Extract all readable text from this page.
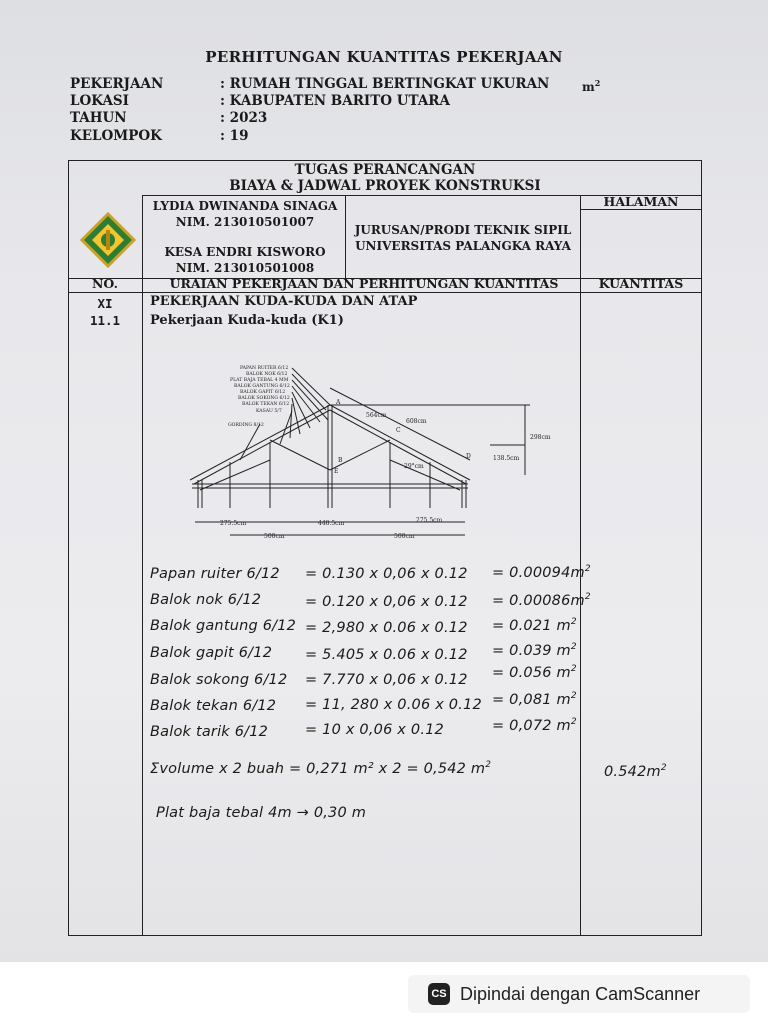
PERHITUNGAN KUANTITAS PEKERJAAN
PEKERJAAN	: RUMAH TINGGAL BERTINGKAT UKURAN	$m^2$
LOKASI	: KABUPATEN BARITO UTARA
TAHUN	: 2023
KELOMPOK	: 19
TUGAS PERANCANGAN
BIAYA & JADWAL PROYEK KONSTRUKSI
LYDIA DWINANDA SINAGA
NIM. 213010501007
KESA ENDRI KISWORO
NIM. 213010501008
JURUSAN/PRODI TEKNIK SIPIL
UNIVERSITAS PALANGKA RAYA
HALAMAN
NO.	URAIAN PEKERJAAN DAN PERHITUNGAN KUANTITAS	KUANTITAS
XI	PEKERJAAN KUDA-KUDA DAN ATAP
11.1	Pekerjaan Kuda-kuda (K1)
PAPAN RUITER 6/12
BALOK NOK 6/12
PLAT BAJA TEBAL 4 MM
BALOK GANTUNG 6/12
BALOK GAPIT 6/12
BALOK SOKONG 6/12
BALOK TEKAN 6/12
KASAU 5/7
GORDING 8/12
564cm
608cm
298cm
138.5cm
29°cm
275.5cm	448.5cm	275.5cm
500cm	500cm
A
B
C
D
E
Papan ruiter 6/12 = 0.130 x 0,06 x $0.12 = 0.00094m^2$
Balok nok 6/12	= 0.120 x 0,06 x $0.12 = 0.00086m^2$
Balok gantung 6/12 = 2,980 x 0.06 x 0.12 = 0.021 $m^2$
Balok gapit 6/12 = 5.405 x 0.06 x 0.12 = 0.039 $m^2$
Balok sokong 6/12 = 7.770 x 0,06 x 0.12 = 0.056 $m^2$
Balok tekan 6/12 = 11, 280 x 0.06 x 0.12 = 0,081 $m^2$
Balok tarik 6/12	= 10 x 0,06 x 0.12	= 0,072 $m^2$
Σvolume x 2 buah = 0,271 m² x 2 = 0,542 $m^2$	$0.542m^2$
Plat baja tebal 4m → 0,30 m
CS Dipindai dengan CamScanner
